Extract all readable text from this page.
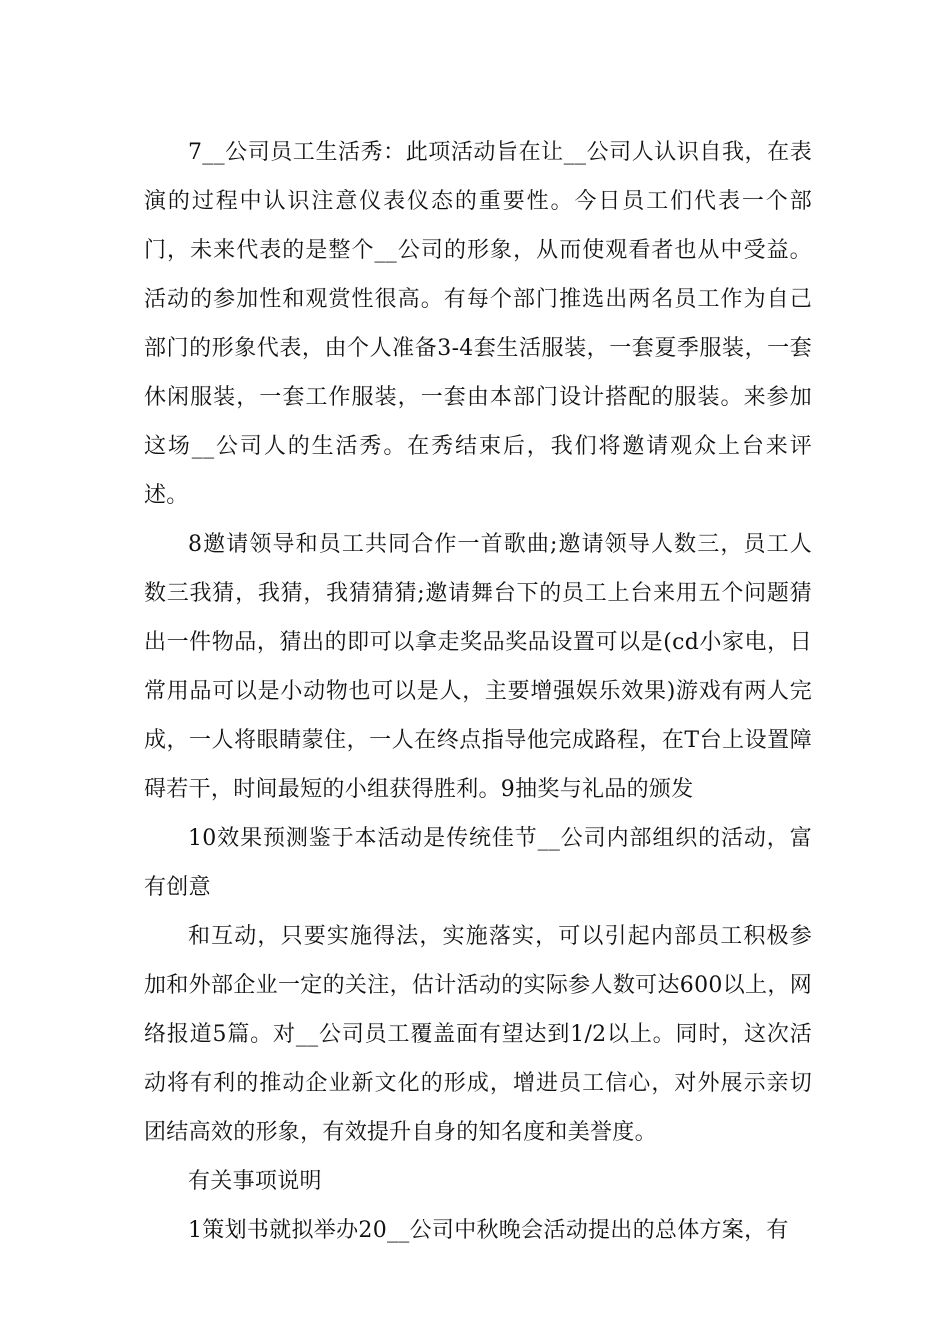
7__公司员工生活秀：此项活动旨在让__公司人认识自我，在表演的过程中认识注意仪表仪态的重要性。今日员工们代表一个部门，未来代表的是整个__公司的形象，从而使观看者也从中受益。活动的参加性和观赏性很高。有每个部门推选出两名员工作为自己部门的形象代表，由个人准备3-4套生活服装，一套夏季服装，一套休闲服装，一套工作服装，一套由本部门设计搭配的服装。来参加这场__公司人的生活秀。在秀结束后，我们将邀请观众上台来评述。

8邀请领导和员工共同合作一首歌曲;邀请领导人数三，员工人数三我猜，我猜，我猜猜猜;邀请舞台下的员工上台来用五个问题猜出一件物品，猜出的即可以拿走奖品奖品设置可以是(cd小家电，日常用品可以是小动物也可以是人，主要增强娱乐效果)游戏有两人完成，一人将眼睛蒙住，一人在终点指导他完成路程，在T台上设置障碍若干，时间最短的小组获得胜利。9抽奖与礼品的颁发

10效果预测鉴于本活动是传统佳节__公司内部组织的活动，富有创意

和互动，只要实施得法，实施落实，可以引起内部员工积极参加和外部企业一定的关注，估计活动的实际参人数可达600以上，网络报道5篇。对__公司员工覆盖面有望达到1/2以上。同时，这次活动将有利的推动企业新文化的形成，增进员工信心，对外展示亲切团结高效的形象，有效提升自身的知名度和美誉度。

有关事项说明

1策划书就拟举办20__公司中秋晚会活动提出的总体方案，有
